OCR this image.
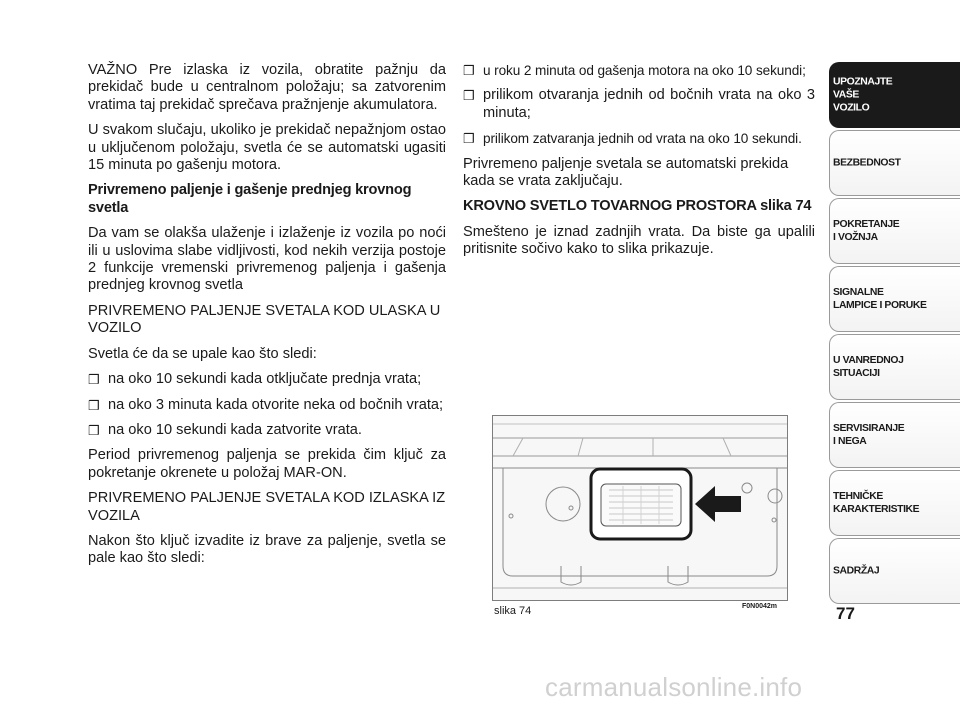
VAŽNO Pre izlaska iz vozila, obratite pažnju da prekidač bude u centralnom položaju; sa zatvorenim vratima taj prekidač sprečava pražnjenje akumulatora.

U svakom slučaju, ukoliko je prekidač nepažnjom ostao u uključenom položaju, svetla će se automatski ugasiti 15 minuta po gašenju motora.

Privremeno paljenje i gašenje prednjeg krovnog svetla

Da vam se olakša ulaženje i izlaženje iz vozila po noći ili u uslovima slabe vidljivosti, kod nekih verzija postoje 2 funkcije vremenski privremenog paljenja i gašenja prednjeg krovnog svetla

PRIVREMENO PALJENJE SVETALA KOD ULASKA U VOZILO

Svetla će da se upale kao što sledi:

❒ na oko 10 sekundi kada otključate prednja vrata;
❒ na oko 3 minuta kada otvorite neka od bočnih vrata;
❒ na oko 10 sekundi kada zatvorite vrata.

Period privremenog paljenja se prekida čim ključ za pokretanje okrenete u položaj MAR-ON.

PRIVREMENO PALJENJE SVETALA KOD IZLASKA IZ VOZILA

Nakon što ključ izvadite iz brave za paljenje, svetla se pale kao što sledi:

❒ u roku 2 minuta od gašenja motora na oko 10 sekundi;
❒ prilikom otvaranja jednih od bočnih vrata na oko 3 minuta;
❒ prilikom zatvaranja jednih od vrata na oko 10 sekundi.

Privremeno paljenje svetala se automatski prekida kada se vrata zaključaju.

KROVNO SVETLO TOVARNOG PROSTORA slika 74

Smešteno je iznad zadnjih vrata. Da biste ga upalili pritisnite sočivo kako to slika prikazuje.

slika 74	F0N0042m
UPOZNAJTE
VAŠE
VOZILO
BEZBEDNOST
POKRETANJE
I VOŽNJA
SIGNALNE
LAMPICE I PORUKE
U VANREDNOJ
SITUACIJI
SERVISIRANJE
I NEGA
TEHNIČKE
KARAKTERISTIKE
SADRŽAJ
77
carmanualsonline.info
